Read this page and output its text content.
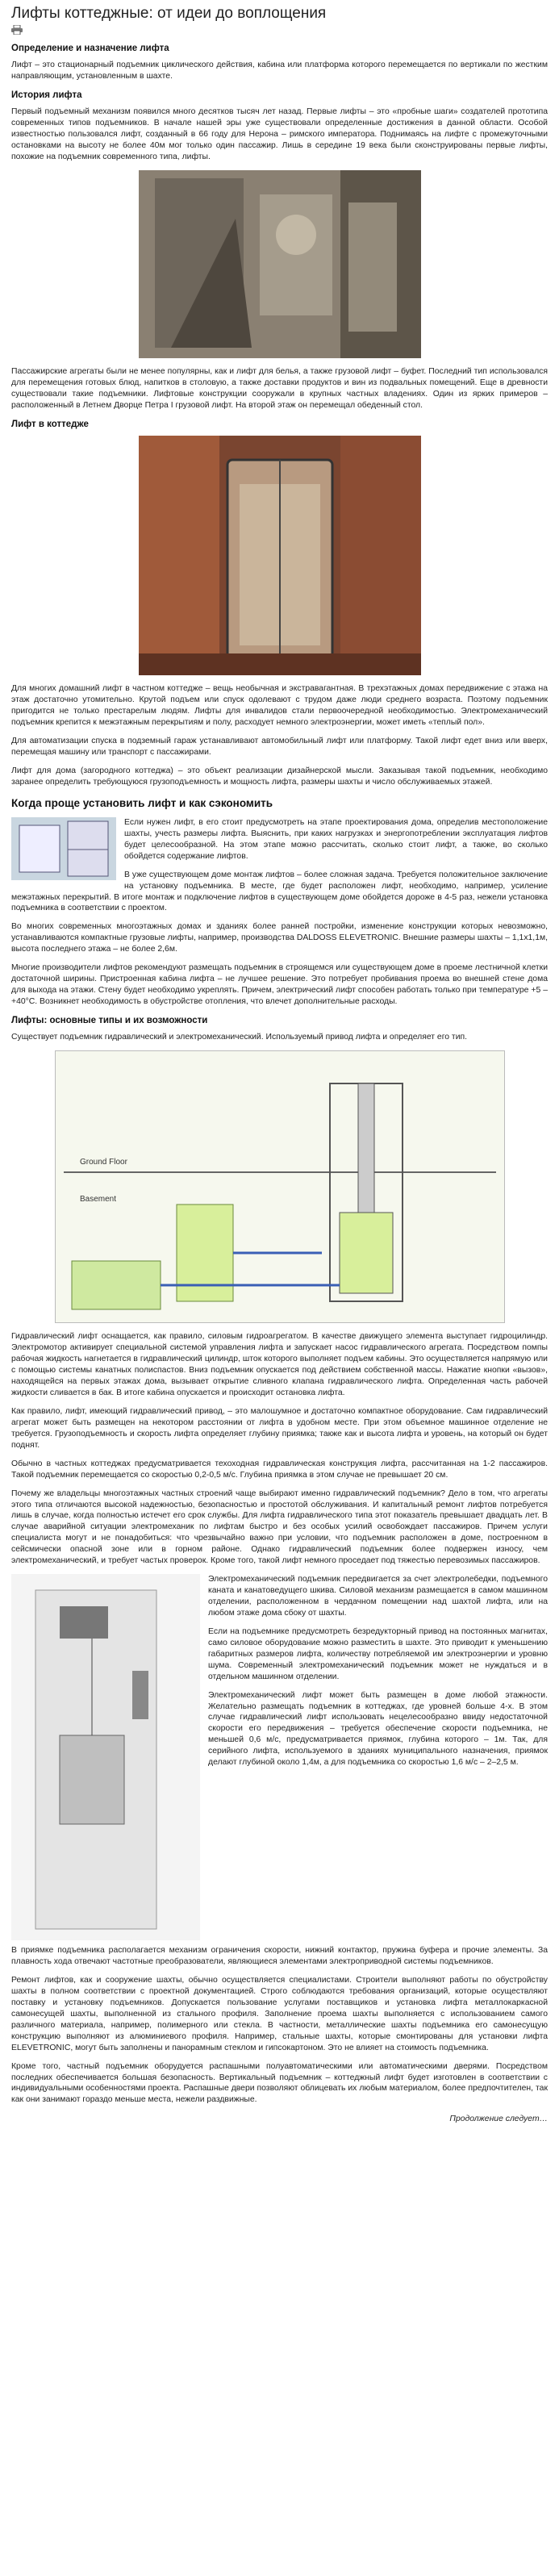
Лифты коттеджные: от идеи до воплощения
Определение и назначение лифта

Лифт – это стационарный подъемник циклического действия, кабина или платформа которого перемещается по вертикали по жестким направляющим, установленным в шахте.

История лифта

Первый подъемный механизм появился много десятков тысяч лет назад. Первые лифты – это «пробные шаги» создателей прототипа современных типов подъемников. В начале нашей эры уже существовали определенные достижения в данной области. Особой известностью пользовался лифт, созданный в 66 году для Нерона – римского императора. Поднимаясь на лифте с промежуточными остановками на высоту не более 40м мог только один пассажир. Лишь в середине 19 века были сконструированы первые лифты, похожие на подъемник современного типа, лифты.

Пассажирские агрегаты были не менее популярны, как и лифт для белья, а также грузовой лифт – буфет. Последний тип использовался для перемещения готовых блюд, напитков в столовую, а также доставки продуктов и вин из подвальных помещений. Еще в древности существовали такие подъемники. Лифтовые конструкции сооружали в крупных частных владениях. Один из ярких примеров – расположенный в Летнем Дворце Петра I грузовой лифт. На второй этаж он перемещал обеденный стол.

Лифт в коттедже

Для многих домашний лифт в частном коттедже – вещь необычная и экстравагантная. В трехэтажных домах передвижение с этажа на этаж достаточно утомительно. Крутой подъем или спуск одолевают с трудом даже люди среднего возраста. Поэтому подъемник пригодится не только престарелым людям. Лифты для инвалидов стали первоочередной необходимостью. Электромеханический подъемник крепится к межэтажным перекрытиям и полу, расходует немного электроэнергии, может иметь «теплый пол».

Для автоматизации спуска в подземный гараж устанавливают автомобильный лифт или платформу. Такой лифт едет вниз или вверх, перемещая машину или транспорт с пассажирами.

Лифт для дома (загородного коттеджа) – это объект реализации дизайнерской мысли. Заказывая такой подъемник, необходимо заранее определить требующуюся грузоподъемность и мощность лифта, размеры шахты и число обслуживаемых этажей.

Когда проще установить лифт и как сэкономить

Если нужен лифт, в его стоит предусмотреть на этапе проектирования дома, определив местоположение шахты, учесть размеры лифта. Выяснить, при каких нагрузках и энергопотреблении эксплуатация лифтов будет целесообразной. На этом этапе можно рассчитать, сколько стоит лифт, а также, во сколько обойдется содержание лифтов.

В уже существующем доме монтаж лифтов – более сложная задача. Требуется положительное заключение на установку подъемника. В месте, где будет расположен лифт, необходимо, например, усиление межэтажных перекрытий. В итоге монтаж и подключение лифтов в существующем доме обойдется дороже в 4-5 раз, нежели установка подъемника в соответствии с проектом.

Во многих современных многоэтажных домах и зданиях более ранней постройки, изменение конструкции которых невозможно, устанавливаются компактные грузовые лифты, например, производства DALDOSS ELEVETRONIC. Внешние размеры шахты – 1,1х1,1м, высота последнего этажа – не более 2,6м.

Многие производители лифтов рекомендуют размещать подъемник в строящемся или существующем доме в проеме лестничной клетки достаточной ширины. Пристроенная кабина лифта – не лучшее решение. Это потребует пробивания проема во внешней стене дома для выхода на этажи. Стену будет необходимо укреплять. Причем, электрический лифт способен работать только при температуре +5 – +40°C. Возникнет необходимость в обустройстве отопления, что влечет дополнительные расходы.

Лифты: основные типы и их возможности

Существует подъемник гидравлический и электромеханический. Используемый привод лифта и определяет его тип.

Ground Floor
Basement

Гидравлический лифт оснащается, как правило, силовым гидроагрегатом. В качестве движущего элемента выступает гидроцилиндр. Электромотор активирует специальной системой управления лифта и запускает насос гидравлического агрегата. Посредством помпы рабочая жидкость нагнетается в гидравлический цилиндр, шток которого выполняет подъем кабины. Это осуществляется напрямую или с помощью системы канатных полиспастов. Вниз подъемник опускается под действием собственной массы. Нажатие кнопки «вызов», находящейся на первых этажах дома, вызывает открытие сливного клапана гидравлического лифта. Определенная часть рабочей жидкости сливается в бак. В итоге кабина опускается и происходит остановка лифта.

Как правило, лифт, имеющий гидравлический привод, – это малошумное и достаточно компактное оборудование. Сам гидравлический агрегат может быть размещен на некотором расстоянии от лифта в удобном месте. При этом объемное машинное отделение не требуется. Грузоподъемность и скорость лифта определяет глубину приямка; также как и высота лифта и уровень, на который он будет поднят.

Обычно в частных коттеджах предусматривается техоходная гидравлическая конструкция лифта, рассчитанная на 1-2 пассажиров. Такой подъемник перемещается со скоростью 0,2-0,5 м/с. Глубина приямка в этом случае не превышает 20 см.

Почему же владельцы многоэтажных частных строений чаще выбирают именно гидравлический подъемник? Дело в том, что агрегаты этого типа отличаются высокой надежностью, безопасностью и простотой обслуживания. И капитальный ремонт лифтов потребуется лишь в случае, когда полностью истечет его срок службы. Для лифта гидравлического типа этот показатель превышает двадцать лет. В случае аварийной ситуации электромеханик по лифтам быстро и без особых усилий освобождает пассажиров. Причем услуги специалиста могут и не понадобиться: что чрезвычайно важно при условии, что подъемник расположен в доме, построенном в сейсмически опасной зоне или в горном районе. Однако гидравлический подъемник более подвержен износу, чем электромеханический, и требует частых проверок. Кроме того, такой лифт немного проседает под тяжестью перевозимых пассажиров.

Электромеханический подъемник передвигается за счет электролебедки, подъемного каната и канатоведущего шкива. Силовой механизм размещается в самом машинном отделении, расположенном в чердачном помещении над шахтой лифта, или на любом этаже дома сбоку от шахты.

Если на подъемнике предусмотреть безредукторный привод на постоянных магнитах, само силовое оборудование можно разместить в шахте. Это приводит к уменьшению габаритных размеров лифта, количеству потребляемой им электроэнергии и уровню шума. Современный электромеханический подъемник может не нуждаться и в отдельном машинном отделении.

Электромеханический лифт может быть размещен в доме любой этажности. Желательно размещать подъемник в коттеджах, где уровней больше 4-х. В этом случае гидравлический лифт использовать нецелесообразно ввиду недостаточной скорости его передвижения – требуется обеспечение скорости подъемника, не меньшей 0,6 м/с, предусматривается приямок, глубина которого – 1м. Так, для серийного лифта, используемого в зданиях муниципального назначения, приямок делают глубиной около 1,4м, а для подъемника со скоростью 1,6 м/с – 2–2,5 м.

В приямке подъемника располагается механизм ограничения скорости, нижний контактор, пружина буфера и прочие элементы. За плавность хода отвечают частотные преобразователи, являющиеся элементами электроприводной системы подъемников.

Ремонт лифтов, как и сооружение шахты, обычно осуществляется специалистами. Строители выполняют работы по обустройству шахты в полном соответствии с проектной документацией. Строго соблюдаются требования организаций, которые осуществляют поставку и установку подъемников. Допускается пользование услугами поставщиков и установка лифта металлокаркасной самонесущей шахты, выполненной из стального профиля. Заполнение проема шахты выполняется с использованием самого различного материала, например, полимерного или стекла. В частности, металлические шахты подъемника его самонесущую конструкцию выполняют из алюминиевого профиля. Например, стальные шахты, которые смонтированы для установки лифта ELEVETRONIC, могут быть заполнены и панорамным стеклом и гипсокартоном. Это не влияет на стоимость подъемника.

Кроме того, частный подъемник оборудуется распашными полуавтоматическими или автоматическими дверями. Посредством последних обеспечивается большая безопасность. Вертикальный подъемник – коттеджный лифт будет изготовлен в соответствии с индивидуальными особенностями проекта. Распашные двери позволяют облицевать их любым материалом, более предпочтителен, так как они занимают гораздо меньше места, нежели раздвижные.

Продолжение следует…
